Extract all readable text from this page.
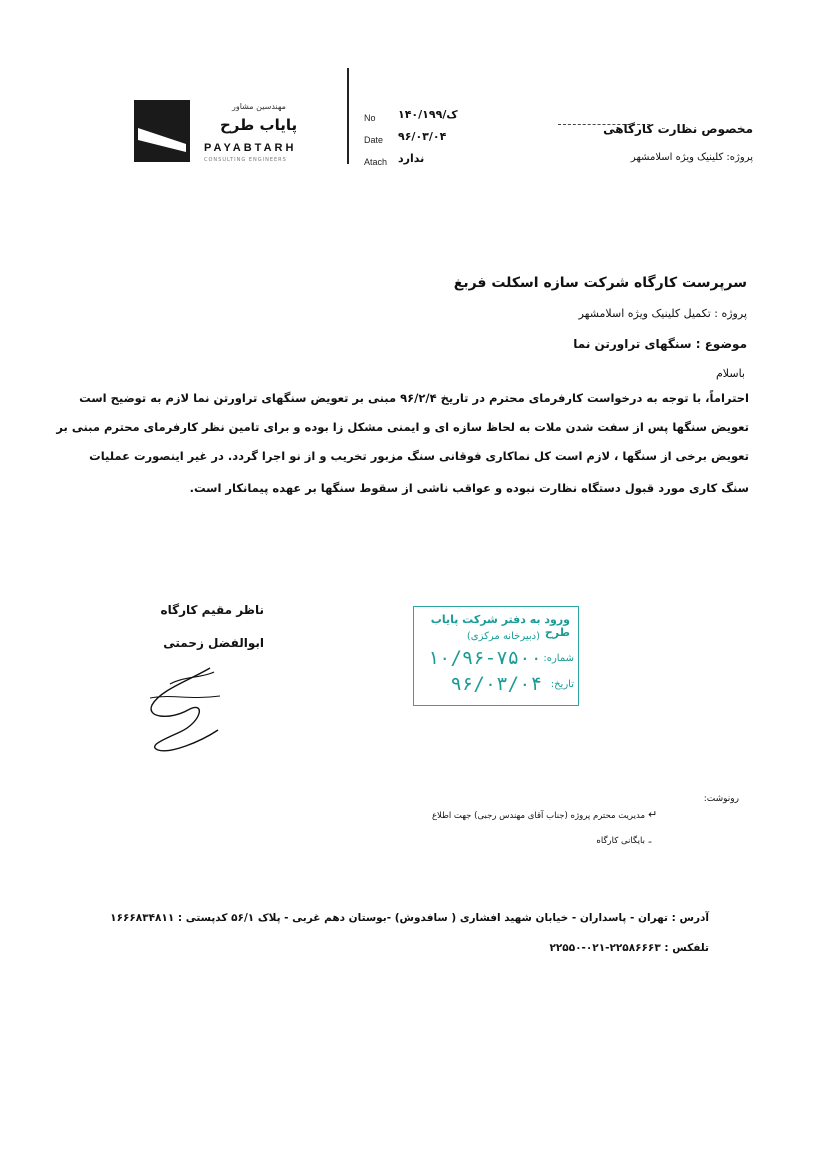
مهندسین مشاور
پایاب طرح
PAYABTARH
CONSULTING ENGINEERS
No ۱۴۰/ک/۱۹۹
Date ۹۶/۰۳/۰۴
Atach ندارد
مخصوص نظارت کارگاهی
پروژه: کلینیک ویژه اسلامشهر
سرپرست کارگاه شرکت سازه اسکلت فربغ
پروژه : تکمیل کلینیک ویژه اسلامشهر
موضوع : سنگهای تراورتن نما
باسلام
احتراماً، با توجه به درخواست کارفرمای محترم در تاریخ ۹۶/۲/۴ مبنی بر تعویض سنگهای تراورتن نما لازم به توضیح است
تعویض سنگها پس از سفت شدن ملات به لحاظ سازه ای و ایمنی مشکل زا بوده و برای تامین نظر کارفرمای محترم مبنی بر
تعویض برخی از سنگها ، لازم است کل نماکاری فوقانی سنگ مزبور تخریب و از نو اجرا گردد. در غیر اینصورت عملیات
سنگ کاری مورد قبول دستگاه نظارت نبوده و عواقب ناشی از سقوط سنگها بر عهده پیمانکار است.
ناظر مقیم کارگاه
ابوالفضل زحمتی
ورود به دفتر شرکت پایاب طرح
(دبیرخانه مرکزی)
شماره:
۱۰/۹۶-۷۵۰۰
تاریخ:
۹۶/۰۳/۰۴
رونوشت:
مدیریت محترم پروژه (جناب آقای مهندس رجبی) جهت اطلاع ↵
بایگانی کارگاه -
آدرس : تهران - پاسداران - خیابان شهید افشاری ( سافدوش) -بوستان دهم غربی - پلاک ۵۶/۱ کدپستی : ۱۶۶۶۸۳۴۸۱۱
تلفکس : ۲۲۵۸۶۶۶۳-۰۲۱-۲۲۵۵۰
